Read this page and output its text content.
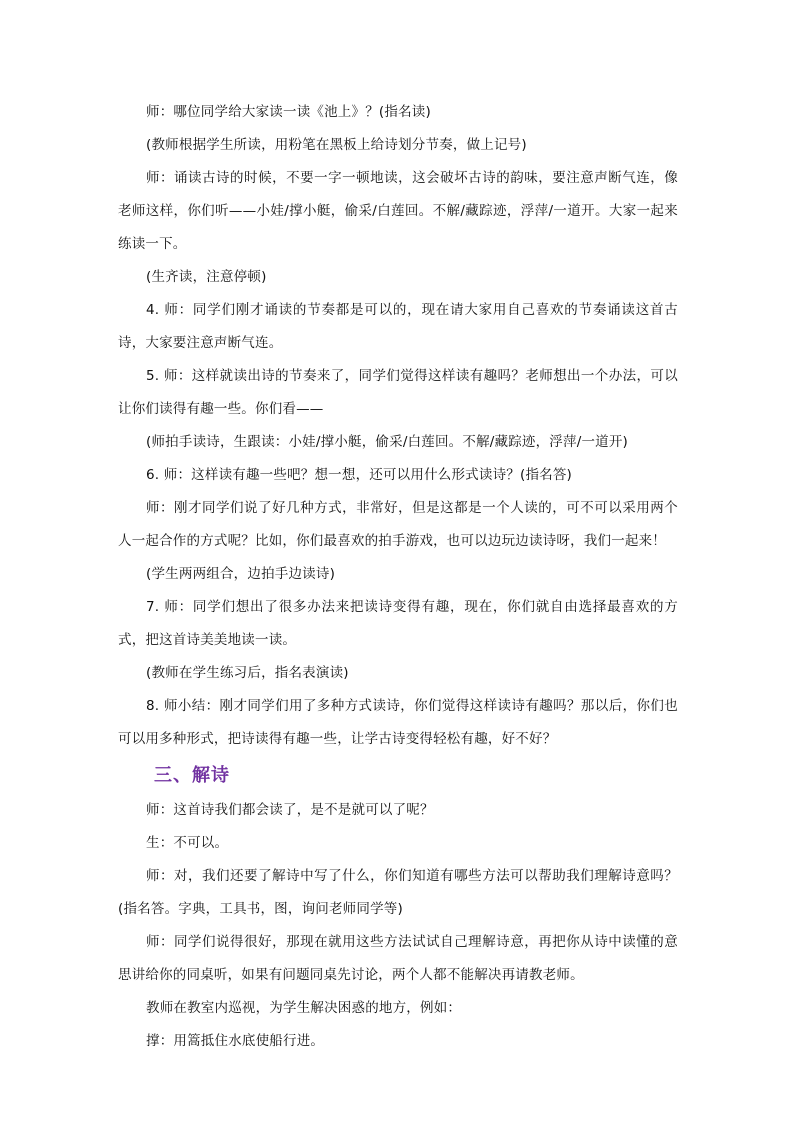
师：哪位同学给大家读一读《池上》？(指名读)

(教师根据学生所读，用粉笔在黑板上给诗划分节奏，做上记号)

师：诵读古诗的时候，不要一字一顿地读，这会破坏古诗的韵味，要注意声断气连，像老师这样，你们听——小娃/撑小艇，偷采/白莲回。不解/藏踪迹，浮萍/一道开。大家一起来练读一下。

(生齐读，注意停顿)

4. 师：同学们刚才诵读的节奏都是可以的，现在请大家用自己喜欢的节奏诵读这首古诗，大家要注意声断气连。

5. 师：这样就读出诗的节奏来了，同学们觉得这样读有趣吗？老师想出一个办法，可以让你们读得有趣一些。你们看——

(师拍手读诗，生跟读：小娃/撑小艇，偷采/白莲回。不解/藏踪迹，浮萍/一道开)

6. 师：这样读有趣一些吧？想一想，还可以用什么形式读诗？(指名答)

师：刚才同学们说了好几种方式，非常好，但是这都是一个人读的，可不可以采用两个人一起合作的方式呢？比如，你们最喜欢的拍手游戏，也可以边玩边读诗呀，我们一起来！

(学生两两组合，边拍手边读诗)

7. 师：同学们想出了很多办法来把读诗变得有趣，现在，你们就自由选择最喜欢的方式，把这首诗美美地读一读。

(教师在学生练习后，指名表演读)

8. 师小结：刚才同学们用了多种方式读诗，你们觉得这样读诗有趣吗？那以后，你们也可以用多种形式，把诗读得有趣一些，让学古诗变得轻松有趣，好不好？

三、解诗

师：这首诗我们都会读了，是不是就可以了呢？

生：不可以。

师：对，我们还要了解诗中写了什么，你们知道有哪些方法可以帮助我们理解诗意吗？(指名答。字典，工具书，图，询问老师同学等)

师：同学们说得很好，那现在就用这些方法试试自己理解诗意，再把你从诗中读懂的意思讲给你的同桌听，如果有问题同桌先讨论，两个人都不能解决再请教老师。

教师在教室内巡视，为学生解决困惑的地方，例如：

撑：用篙抵住水底使船行进。
